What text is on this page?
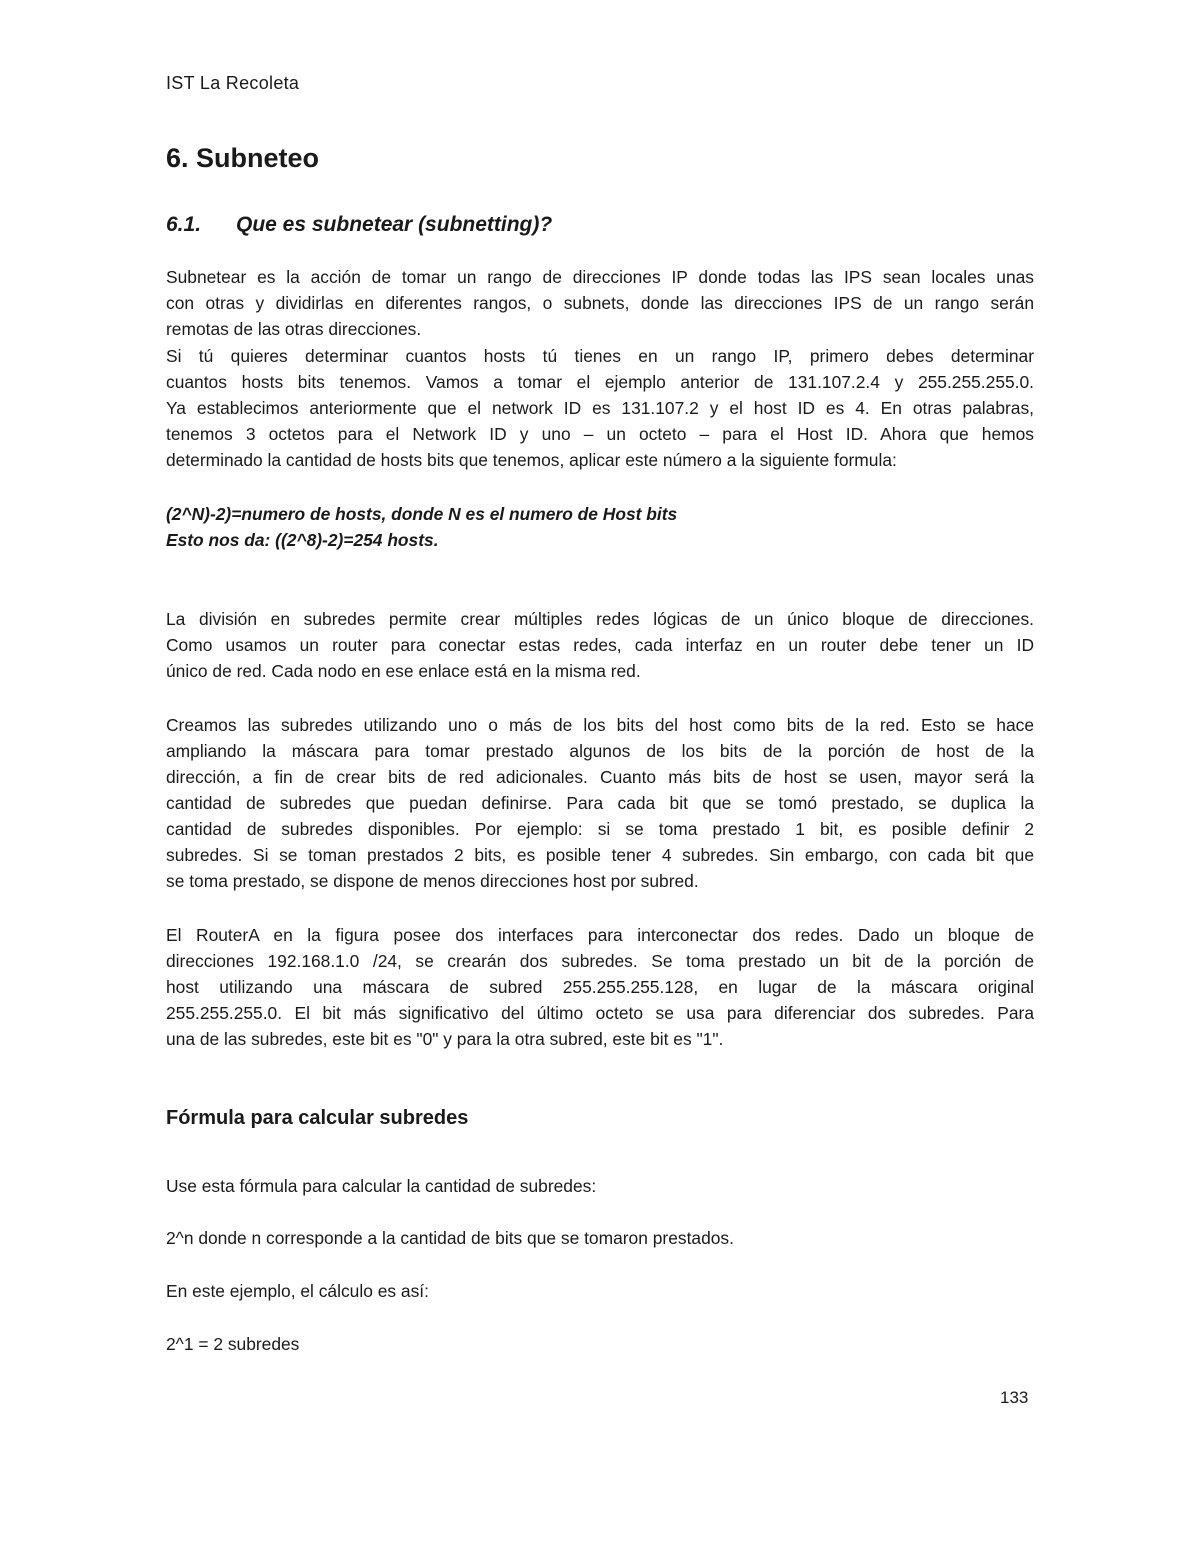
IST La Recoleta
6. Subneteo
6.1. Que es subnetear (subnetting)?

Subnetear es la acción de tomar un rango de direcciones IP donde todas las IPS sean locales unas

con otras y dividirlas en diferentes rangos, o subnets, donde las direcciones IPS de un rango serán

remotas de las otras direcciones.

Si tú quieres determinar cuantos hosts tú tienes en un rango IP, primero debes determinar

cuantos hosts bits tenemos. Vamos a tomar el ejemplo anterior de 131.107.2.4 y 255.255.255.0.

Ya establecimos anteriormente que el network ID es 131.107.2 y el host ID es 4. En otras palabras,

tenemos 3 octetos para el Network ID y uno – un octeto – para el Host ID. Ahora que hemos

determinado la cantidad de hosts bits que tenemos, aplicar este número a la siguiente formula:

(2^N)-2)=numero de hosts, donde N es el numero de Host bits

Esto nos da: ((2^8)-2)=254 hosts.

La división en subredes permite crear múltiples redes lógicas de un único bloque de direcciones.

Como usamos un router para conectar estas redes, cada interfaz en un router debe tener un ID

único de red. Cada nodo en ese enlace está en la misma red.

Creamos las subredes utilizando uno o más de los bits del host como bits de la red. Esto se hace

ampliando la máscara para tomar prestado algunos de los bits de la porción de host de la

dirección, a fin de crear bits de red adicionales. Cuanto más bits de host se usen, mayor será la

cantidad de subredes que puedan definirse. Para cada bit que se tomó prestado, se duplica la

cantidad de subredes disponibles. Por ejemplo: si se toma prestado 1 bit, es posible definir 2

subredes. Si se toman prestados 2 bits, es posible tener 4 subredes. Sin embargo, con cada bit que

se toma prestado, se dispone de menos direcciones host por subred.

El RouterA en la figura posee dos interfaces para interconectar dos redes. Dado un bloque de

direcciones 192.168.1.0 /24, se crearán dos subredes. Se toma prestado un bit de la porción de

host utilizando una máscara de subred 255.255.255.128, en lugar de la máscara original

255.255.255.0. El bit más significativo del último octeto se usa para diferenciar dos subredes. Para

una de las subredes, este bit es "0" y para la otra subred, este bit es "1".

Fórmula para calcular subredes
Use esta fórmula para calcular la cantidad de subredes:
2^n donde n corresponde a la cantidad de bits que se tomaron prestados.
En este ejemplo, el cálculo es así:
2^1 = 2 subredes
133
